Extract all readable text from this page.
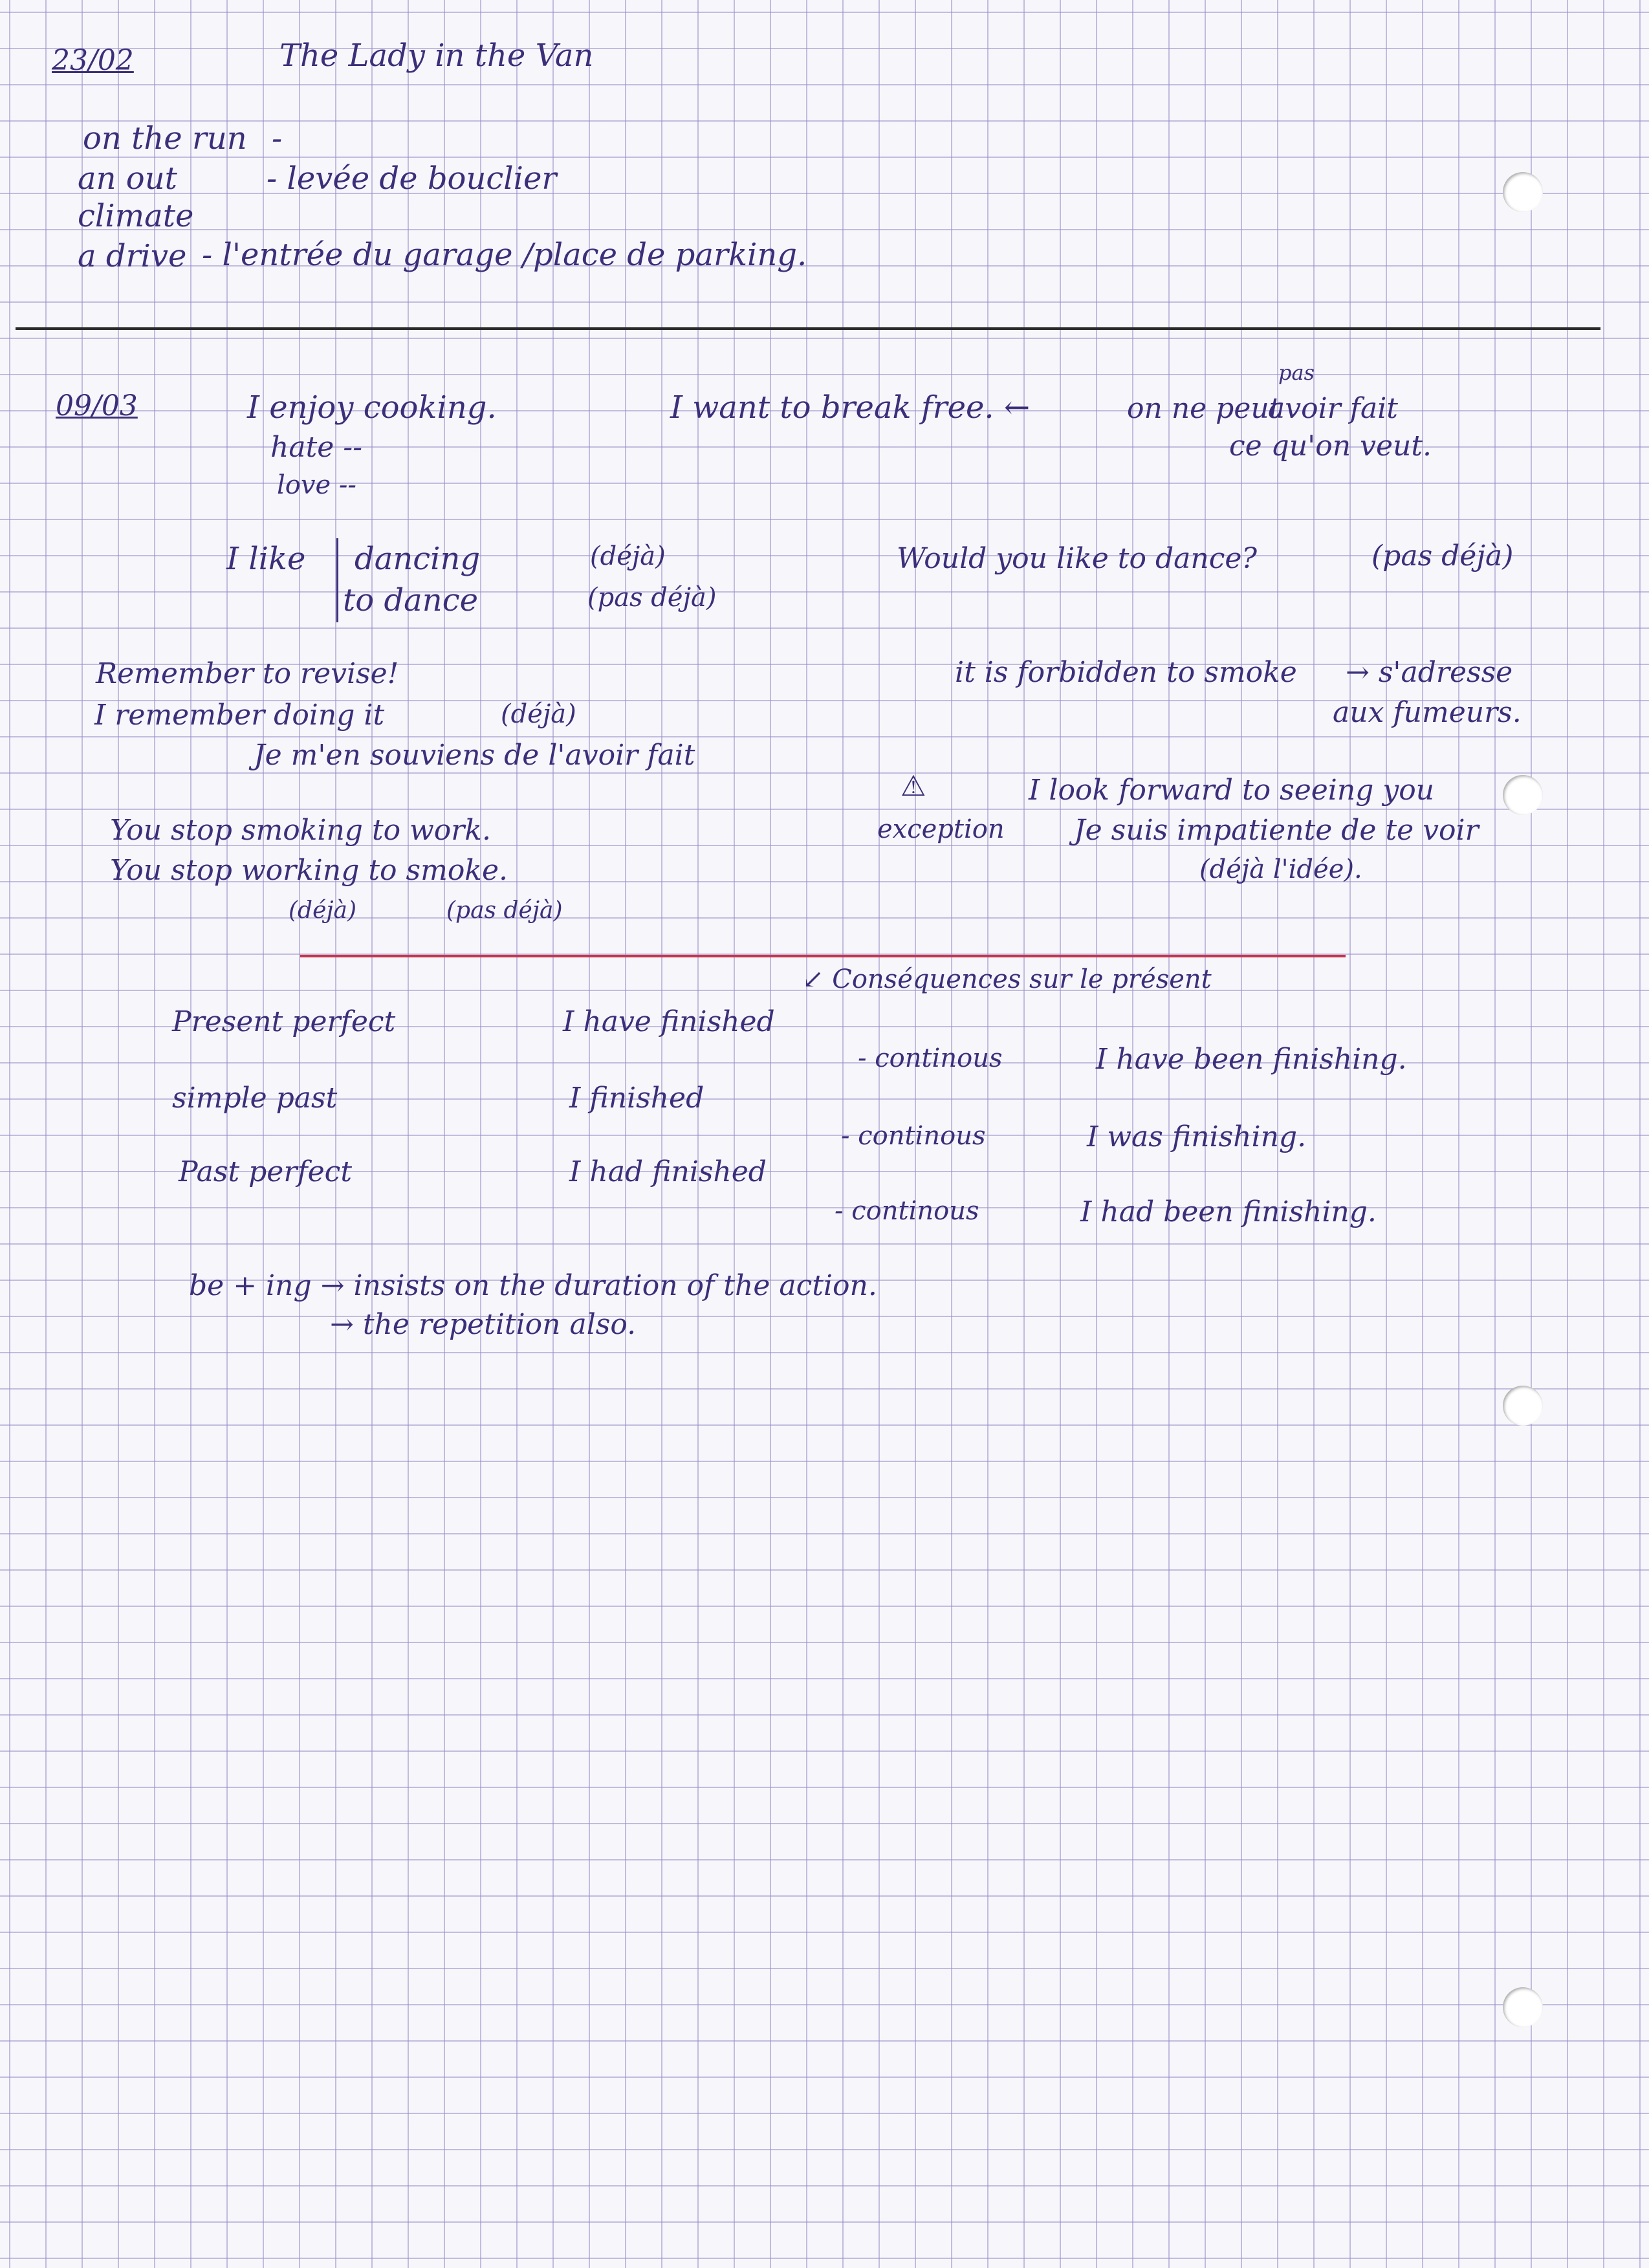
23/02	The Lady in the Van
on the run -
an out	- levée de bouclier
climate
a drive - l'entrée du garage /place de parking.
09/03	I enjoy cooking.
hate --
love --
I want to break free. ←	on ne peut
pas
avoir fait
ce qu'on veut.
I like dancing
to dance
(déjà)
(pas déjà)
Would you like to dance?	(pas déjà)
Remember to revise!
I remember doing it	(déjà)
Je m'en souviens de l'avoir fait
it is forbidden to smoke → s'adresse
aux fumeurs.
You stop smoking to work.
You stop working to smoke.
(déjà)	(pas déjà)
⚠
exception
I look forward to seeing you
Je suis impatiente de te voir
(déjà l'idée).
↙ Conséquences sur le présent
Present perfect	I have finished
- continous	I have been finishing.
simple past	I finished
- continous	I was finishing.
Past perfect	I had finished
- continous	I had been finishing.
be + ing → insists on the duration of the action.
→ the repetition also.
